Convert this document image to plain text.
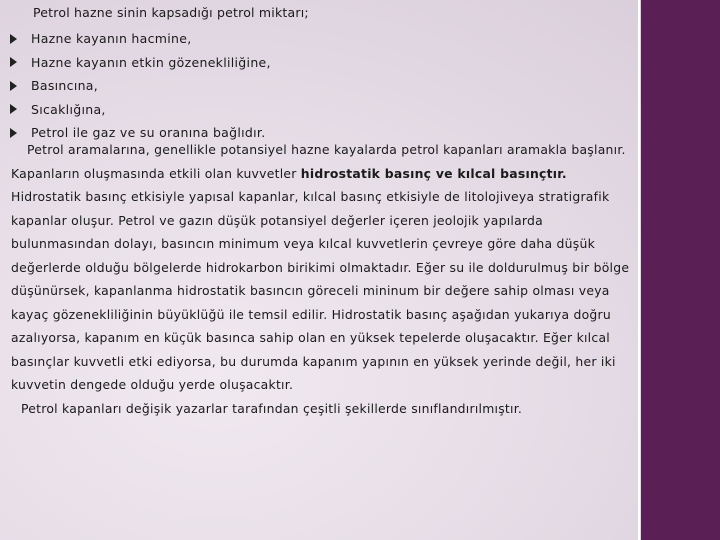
Petrol hazne sinin kapsadığı petrol miktarı;
Hazne kayanın hacmine,
Hazne kayanın etkin gözenekliliğine,
Basıncına,
Sıcaklığına,
Petrol ile gaz ve su oranına bağlıdır.

Petrol aramalarına, genellikle potansiyel hazne kayalarda petrol kapanları aramakla başlanır.

Kapanların oluşmasında etkili olan kuvvetler hidrostatik basınç ve kılcal basınçtır. Hidrostatik basınç etkisiyle yapısal kapanlar, kılcal basınç etkisiyle de litolojiveya stratigrafik kapanlar oluşur. Petrol ve gazın düşük potansiyel değerler içeren jeolojik yapılarda bulunmasından dolayı, basıncın minimum veya kılcal kuvvetlerin çevreye göre daha düşük değerlerde olduğu bölgelerde hidrokarbon birikimi olmaktadır. Eğer su ile doldurulmuş bir bölge düşünürsek, kapanlanma hidrostatik basıncın göreceli mininum bir değere sahip olması veya kayaç gözenekliliğinin büyüklüğü ile temsil edilir. Hidrostatik basınç aşağıdan yukarıya doğru azalıyorsa, kapanım en küçük basınca sahip olan en yüksek tepelerde oluşacaktır. Eğer kılcal basınçlar kuvvetli etki ediyorsa, bu durumda kapanım yapının en yüksek yerinde değil, her iki kuvvetin dengede olduğu yerde oluşacaktır.

Petrol kapanları değişik yazarlar tarafından çeşitli şekillerde sınıflandırılmıştır.
